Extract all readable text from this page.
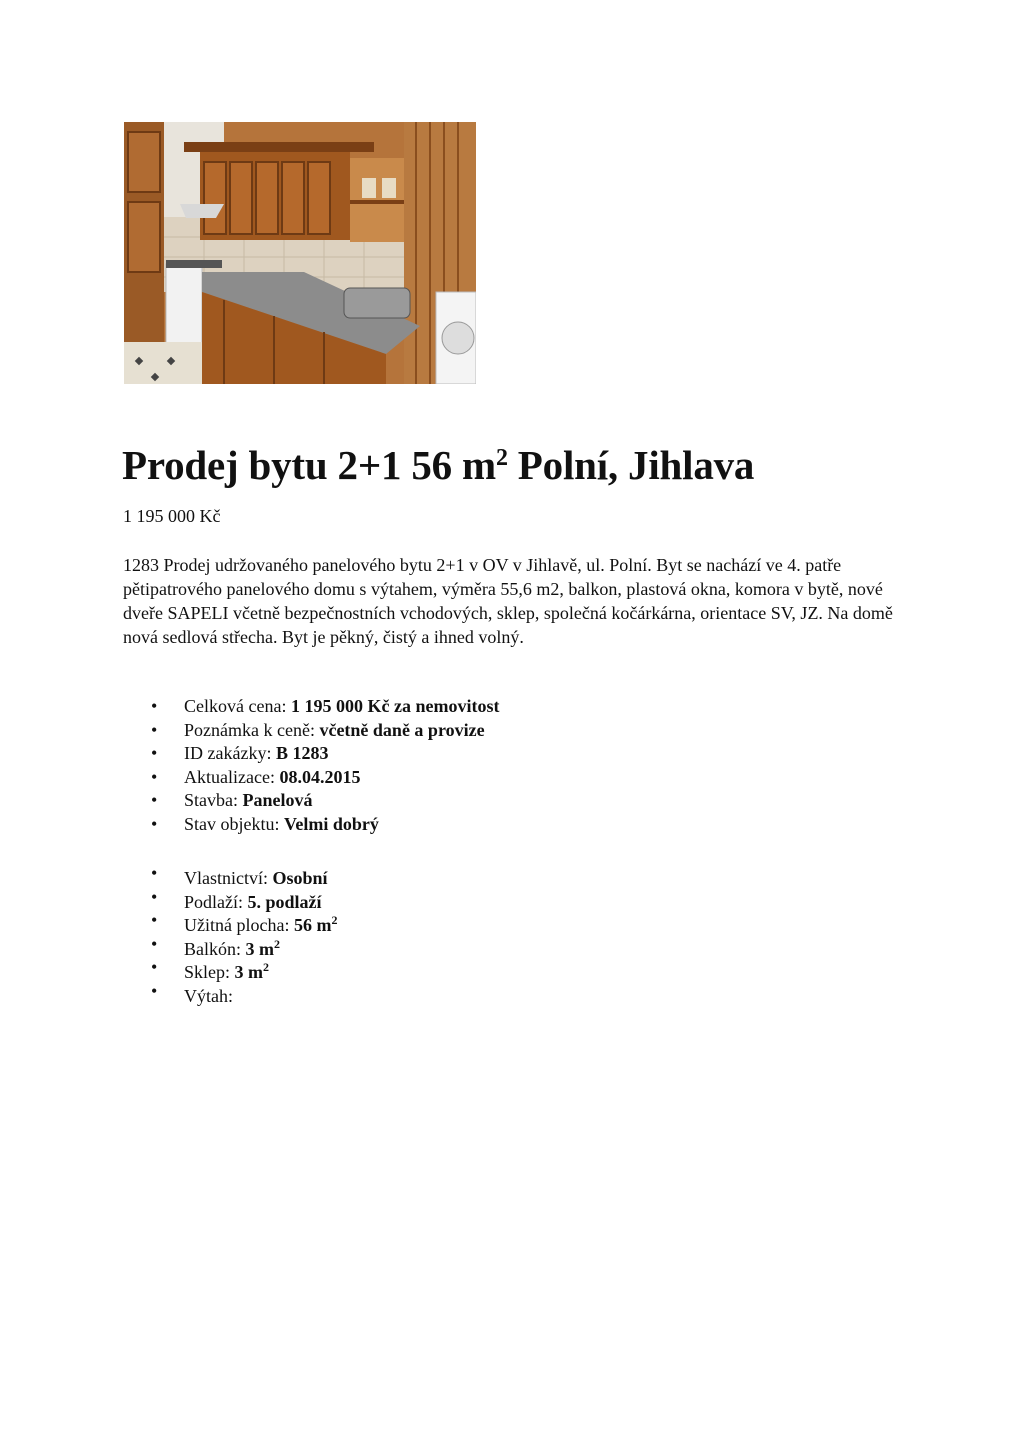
Prodej bytu 2+1 56 $m^2$ Polní, Jihlava
1 195 000 Kč

1283 Prodej udržovaného panelového bytu 2+1 v OV v Jihlavě, ul. Polní. Byt se nachází ve 4. patře pětipatrového panelového domu s výtahem, výměra 55,6 m2, balkon, plastová okna, komora v bytě, nové dveře SAPELI včetně bezpečnostních vchodových, sklep, společná kočárkárna, orientace SV, JZ. Na domě nová sedlová střecha. Byt je pěkný, čistý a ihned volný.

• Celková cena: 1 195 000 Kč za nemovitost
• Poznámka k ceně: včetně daně a provize
• ID zakázky: B 1283
• Aktualizace: 08.04.2015
• Stavba: Panelová
• Stav objektu: Velmi dobrý
• Vlastnictví: Osobní
• Podlaží: 5. podlaží
• Užitná plocha: 56 $m^2$
• Balkón: 3 $m^2$
• Sklep: 3 $m^2$
• Výtah:
